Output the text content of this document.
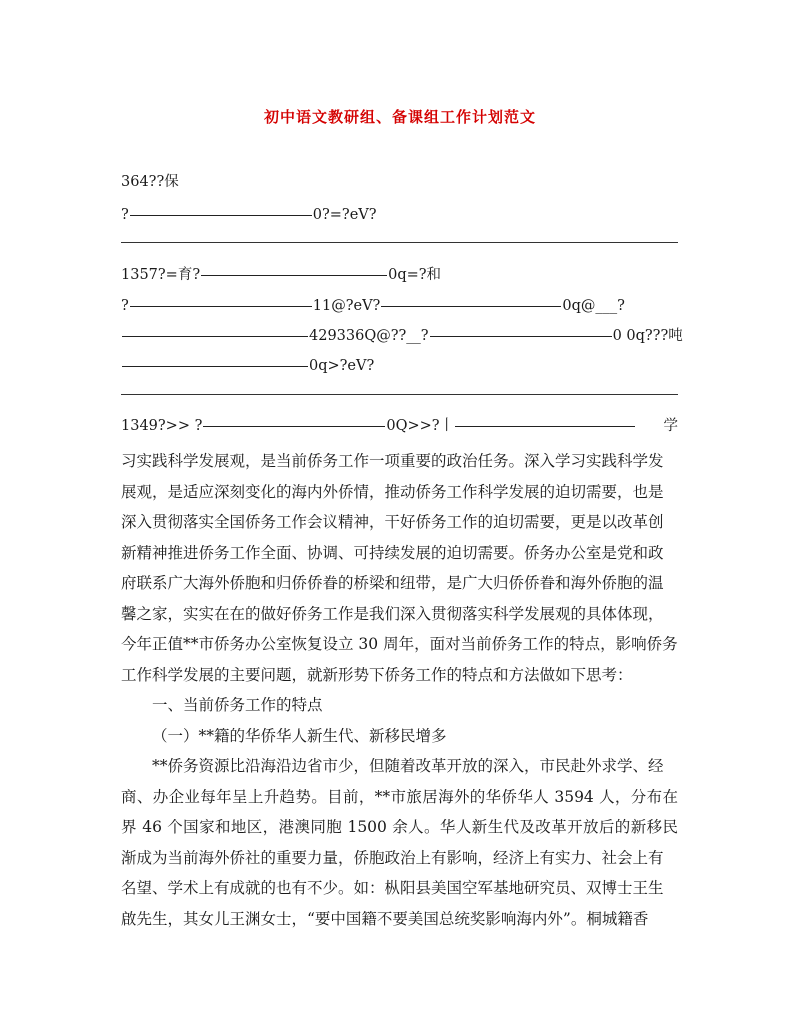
初中语文教研组、备课组工作计划范文
364??保
?	0?=?eV?
1357?=育?	0q=?和
?	11@?eV?	0q@___?
429336Q@??__?	0 0q???吨
0q>?eV?
1349?>> ?	0Q>>?丨	学
习实践科学发展观，是当前侨务工作一项重要的政治任务。深入学习实践科学发
展观，是适应深刻变化的海内外侨情，推动侨务工作科学发展的迫切需要，也是
深入贯彻落实全国侨务工作会议精神，干好侨务工作的迫切需要，更是以改革创
新精神推进侨务工作全面、协调、可持续发展的迫切需要。侨务办公室是党和政
府联系广大海外侨胞和归侨侨眷的桥梁和纽带，是广大归侨侨眷和海外侨胞的温
馨之家，实实在在的做好侨务工作是我们深入贯彻落实科学发展观的具体体现，
今年正值**市侨务办公室恢复设立 30 周年，面对当前侨务工作的特点，影响侨务
工作科学发展的主要问题，就新形势下侨务工作的特点和方法做如下思考：
一、当前侨务工作的特点
（一）**籍的华侨华人新生代、新移民增多
**侨务资源比沿海沿边省市少，但随着改革开放的深入，市民赴外求学、经
商、办企业每年呈上升趋势。目前，**市旅居海外的华侨华人 3594 人，分布在
界 46 个国家和地区，港澳同胞 1500 余人。华人新生代及改革开放后的新移民
渐成为当前海外侨社的重要力量，侨胞政治上有影响，经济上有实力、社会上有
名望、学术上有成就的也有不少。如：枞阳县美国空军基地研究员、双博士王生
啟先生，其女儿王渊女士，“要中国籍不要美国总统奖影响海内外”。桐城籍香
